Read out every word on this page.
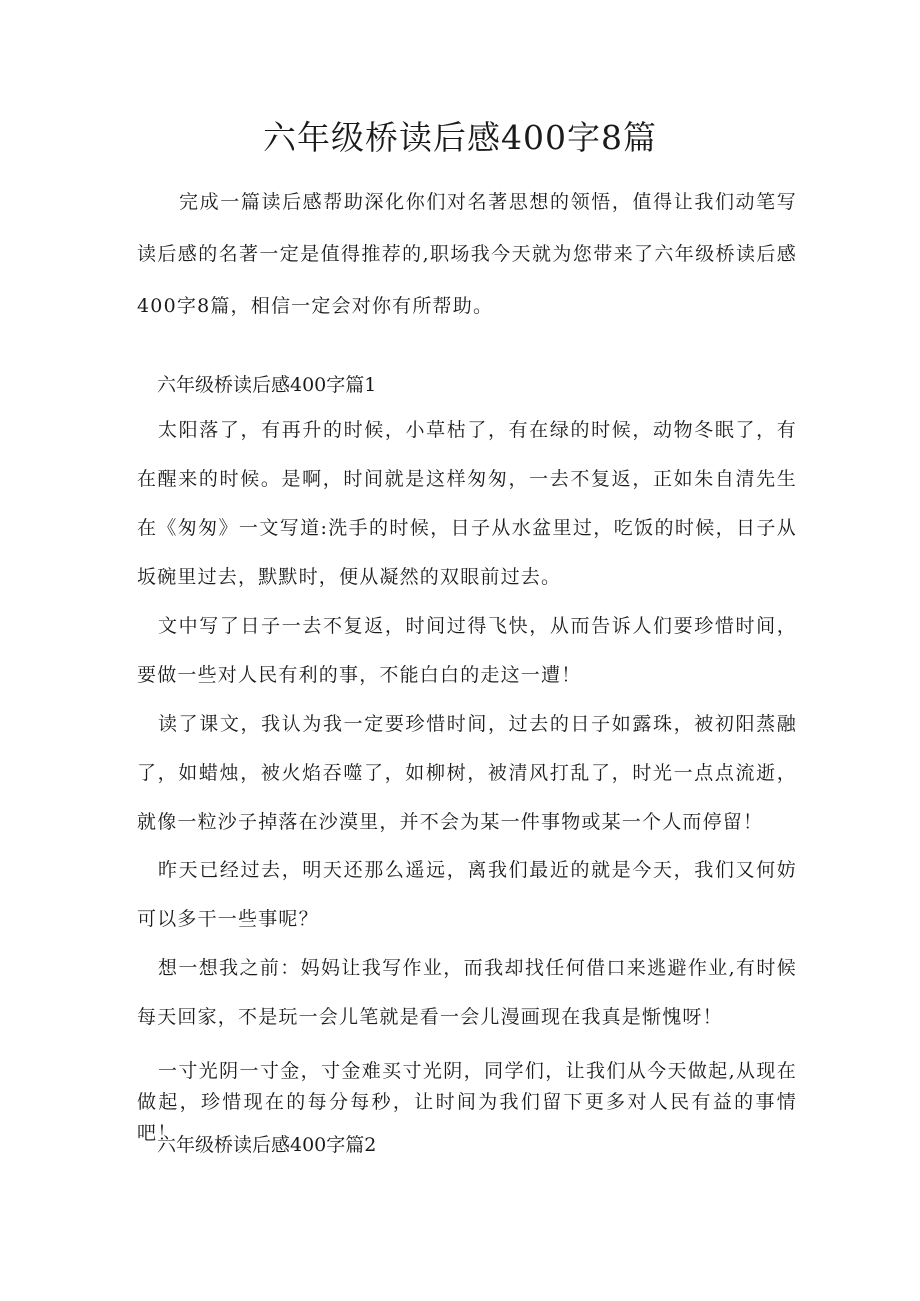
六年级桥读后感400字8篇

完成一篇读后感帮助深化你们对名著思想的领悟，值得让我们动笔写读后感的名著一定是值得推荐的,职场我今天就为您带来了六年级桥读后感400字8篇，相信一定会对你有所帮助。

六年级桥读后感400字篇1

太阳落了，有再升的时候，小草枯了，有在绿的时候，动物冬眠了，有在醒来的时候。是啊，时间就是这样匆匆，一去不复返，正如朱自清先生在《匆匆》一文写道:洗手的时候，日子从水盆里过，吃饭的时候，日子从坂碗里过去，默默时，便从凝然的双眼前过去。

文中写了日子一去不复返，时间过得飞快，从而告诉人们要珍惜时间，要做一些对人民有利的事，不能白白的走这一遭！

读了课文，我认为我一定要珍惜时间，过去的日子如露珠，被初阳蒸融了，如蜡烛，被火焰吞噬了，如柳树，被清风打乱了，时光一点点流逝，就像一粒沙子掉落在沙漠里，并不会为某一件事物或某一个人而停留！

昨天已经过去，明天还那么遥远，离我们最近的就是今天，我们又何妨可以多干一些事呢？

想一想我之前：妈妈让我写作业，而我却找任何借口来逃避作业,有时候每天回家，不是玩一会儿笔就是看一会儿漫画现在我真是惭愧呀！

一寸光阴一寸金，寸金难买寸光阴，同学们，让我们从今天做起,从现在做起，珍惜现在的每分每秒，让时间为我们留下更多对人民有益的事情吧！

六年级桥读后感400字篇2
